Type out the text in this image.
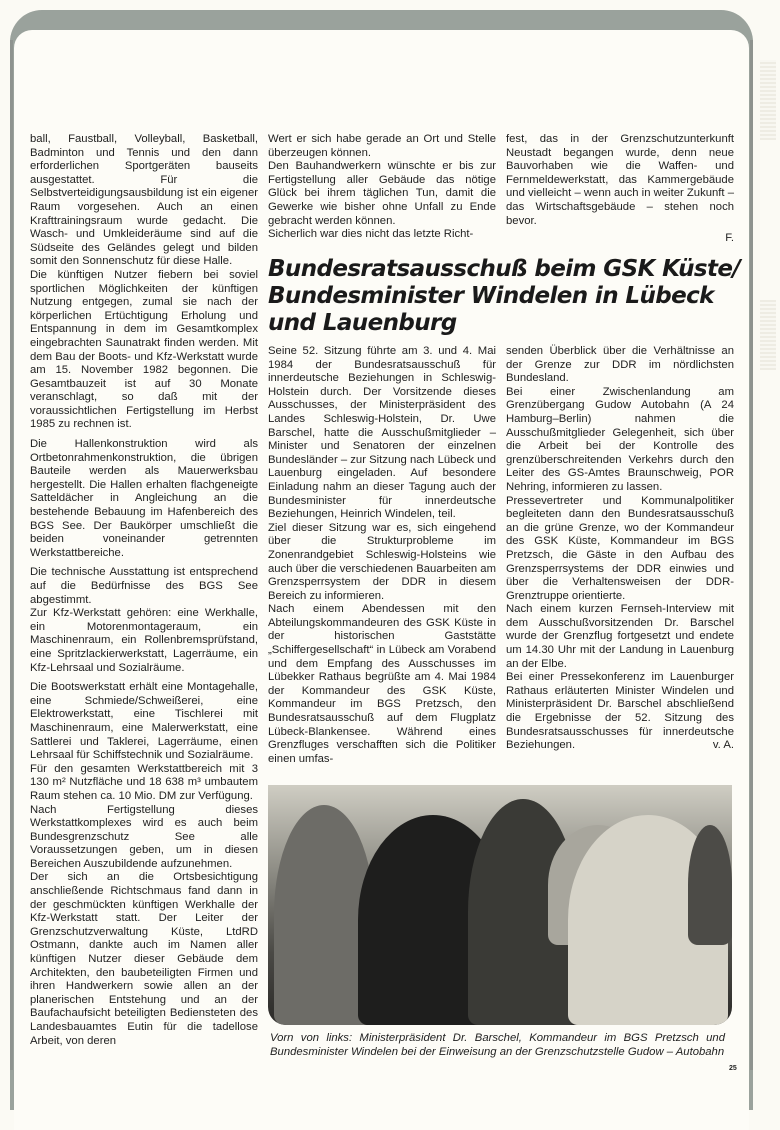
ball, Faustball, Volleyball, Basketball, Badminton und Tennis und den dann erforderlichen Sportgeräten bauseits ausgestattet. Für die Selbstverteidigungsausbildung ist ein eigener Raum vorgesehen. Auch an einen Krafttrainingsraum wurde gedacht. Die Wasch- und Umkleideräume sind auf die Südseite des Geländes gelegt und bilden somit den Sonnenschutz für diese Halle.

Die künftigen Nutzer fiebern bei soviel sportlichen Möglichkeiten der künftigen Nutzung entgegen, zumal sie nach der körperlichen Ertüchtigung Erholung und Entspannung in dem im Gesamtkomplex eingebrachten Saunatrakt finden werden. Mit dem Bau der Boots- und Kfz-Werkstatt wurde am 15. November 1982 begonnen. Die Gesamtbauzeit ist auf 30 Monate veranschlagt, so daß mit der voraussichtlichen Fertigstellung im Herbst 1985 zu rechnen ist.

Die Hallenkonstruktion wird als Ortbetonrahmenkonstruktion, die übrigen Bauteile werden als Mauerwerksbau hergestellt. Die Hallen erhalten flachgeneigte Satteldächer in Angleichung an die bestehende Bebauung im Hafenbereich des BGS See. Der Baukörper umschließt die beiden voneinander getrennten Werkstattbereiche.

Die technische Ausstattung ist entsprechend auf die Bedürfnisse des BGS See abgestimmt.

Zur Kfz-Werkstatt gehören: eine Werkhalle, ein Motorenmontageraum, ein Maschinenraum, ein Rollenbremsprüfstand, eine Spritzlackierwerkstatt, Lagerräume, ein Kfz-Lehrsaal und Sozialräume.

Die Bootswerkstatt erhält eine Montagehalle, eine Schmiede/Schweißerei, eine Elektrowerkstatt, eine Tischlerei mit Maschinenraum, eine Malerwerkstatt, eine Sattlerei und Taklerei, Lagerräume, einen Lehrsaal für Schiffstechnik und Sozialräume.

Für den gesamten Werkstattbereich mit 3 130 m² Nutzfläche und 18 638 m³ umbautem Raum stehen ca. 10 Mio. DM zur Verfügung.

Nach Fertigstellung dieses Werkstattkomplexes wird es auch beim Bundesgrenzschutz See alle Voraussetzungen geben, um in diesen Bereichen Auszubildende aufzunehmen.

Der sich an die Ortsbesichtigung anschließende Richtschmaus fand dann in der geschmückten künftigen Werkhalle der Kfz-Werkstatt statt. Der Leiter der Grenzschutzverwaltung Küste, LtdRD Ostmann, dankte auch im Namen aller künftigen Nutzer dieser Gebäude dem Architekten, den baubeteiligten Firmen und ihren Handwerkern sowie allen an der planerischen Entstehung und an der Baufachaufsicht beteiligten Bediensteten des Landesbauamtes Eutin für die tadellose Arbeit, von deren

Wert er sich habe gerade an Ort und Stelle überzeugen können.

Den Bauhandwerkern wünschte er bis zur Fertigstellung aller Gebäude das nötige Glück bei ihrem täglichen Tun, damit die Gewerke wie bisher ohne Unfall zu Ende gebracht werden können.

Sicherlich war dies nicht das letzte Richt-

fest, das in der Grenzschutzunterkunft Neustadt begangen wurde, denn neue Bauvorhaben wie die Waffen- und Fernmeldewerkstatt, das Kammergebäude und vielleicht – wenn auch in weiter Zukunft – das Wirtschaftsgebäude – stehen noch bevor.

F.

Bundesratsausschuß beim GSK Küste/
Bundesminister Windelen in Lübeck
und Lauenburg

Seine 52. Sitzung führte am 3. und 4. Mai 1984 der Bundesratsausschuß für innerdeutsche Beziehungen in Schleswig-Holstein durch. Der Vorsitzende dieses Ausschusses, der Ministerpräsident des Landes Schleswig-Holstein, Dr. Uwe Barschel, hatte die Ausschußmitglieder – Minister und Senatoren der einzelnen Bundesländer – zur Sitzung nach Lübeck und Lauenburg eingeladen. Auf besondere Einladung nahm an dieser Tagung auch der Bundesminister für innerdeutsche Beziehungen, Heinrich Windelen, teil.

Ziel dieser Sitzung war es, sich eingehend über die Strukturprobleme im Zonenrandgebiet Schleswig-Holsteins wie auch über die verschiedenen Bauarbeiten am Grenzsperrsystem der DDR in diesem Bereich zu informieren.

Nach einem Abendessen mit den Abteilungskommandeuren des GSK Küste in der historischen Gaststätte „Schiffergesellschaft“ in Lübeck am Vorabend und dem Empfang des Ausschusses im Lübekker Rathaus begrüßte am 4. Mai 1984 der Kommandeur des GSK Küste, Kommandeur im BGS Pretzsch, den Bundesratsausschuß auf dem Flugplatz Lübeck-Blankensee. Während eines Grenzfluges verschafften sich die Politiker einen umfas-

senden Überblick über die Verhältnisse an der Grenze zur DDR im nördlichsten Bundesland.

Bei einer Zwischenlandung am Grenzübergang Gudow Autobahn (A 24 Hamburg–Berlin) nahmen die Ausschußmitglieder Gelegenheit, sich über die Arbeit bei der Kontrolle des grenzüberschreitenden Verkehrs durch den Leiter des GS-Amtes Braunschweig, POR Nehring, informieren zu lassen.

Pressevertreter und Kommunalpolitiker begleiteten dann den Bundesratsausschuß an die grüne Grenze, wo der Kommandeur des GSK Küste, Kommandeur im BGS Pretzsch, die Gäste in den Aufbau des Grenzsperrsystems der DDR einwies und über die Verhaltensweisen der DDR-Grenztruppe orientierte.

Nach einem kurzen Fernseh-Interview mit dem Ausschußvorsitzenden Dr. Barschel wurde der Grenzflug fortgesetzt und endete um 14.30 Uhr mit der Landung in Lauenburg an der Elbe.

Bei einer Pressekonferenz im Lauenburger Rathaus erläuterten Minister Windelen und Ministerpräsident Dr. Barschel abschließend die Ergebnisse der 52. Sitzung des Bundesratsausschusses für innerdeutsche Beziehungen.	v. A.

Vorn von links: Ministerpräsident Dr. Barschel, Kommandeur im BGS Pretzsch und Bundesminister Windelen bei der Einweisung an der Grenzschutzstelle Gudow – Autobahn
25
